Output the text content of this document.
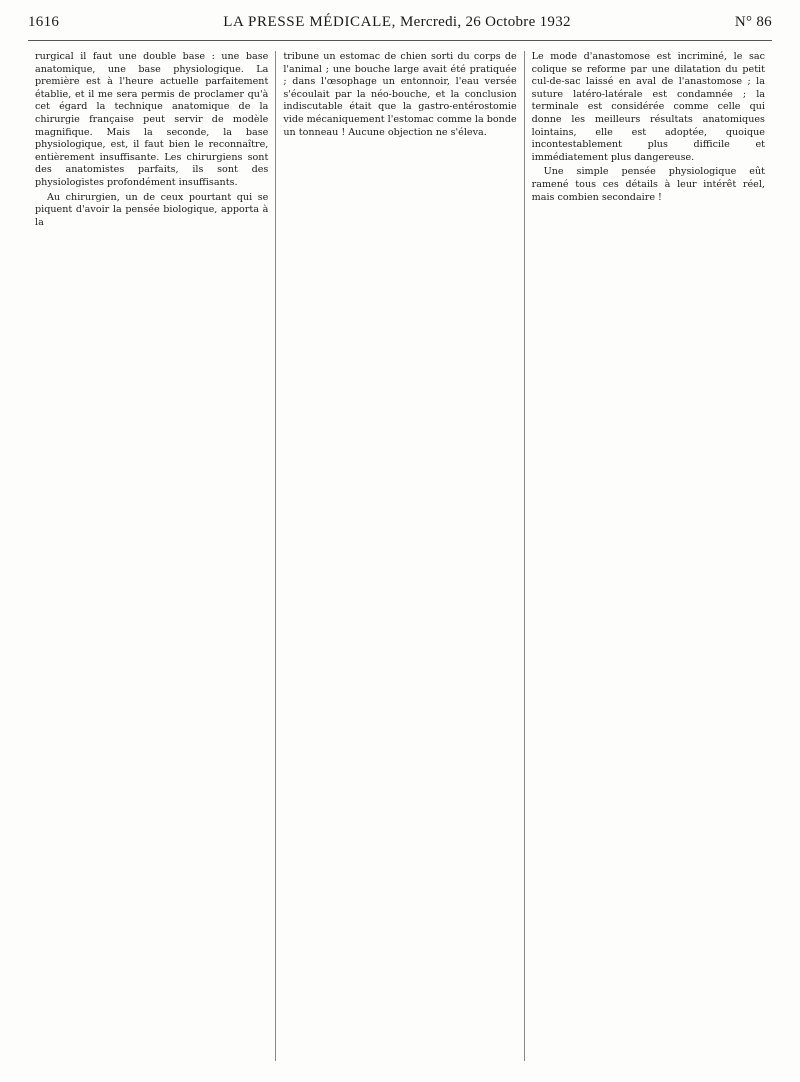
1616	LA PRESSE MÉDICALE, Mercredi, 26 Octobre 1932	N° 86

rurgical il faut une double base : une base anatomique, une base physiologique. La première est à l'heure actuelle parfaitement établie, et il me sera permis de proclamer qu'à cet égard la technique anatomique de la chirurgie française peut servir de modèle magnifique. Mais la seconde, la base physiologique, est, il faut bien le reconnaître, entièrement insuffisante. Les chirurgiens sont des anatomistes parfaits, ils sont des physiologistes profondément insuffisants.

Au chirurgien, un de ceux pourtant qui se piquent d'avoir la pensée biologique, apporta à la

tribune un estomac de chien sorti du corps de l'animal ; une bouche large avait été pratiquée ; dans l'œsophage un entonnoir, l'eau versée s'écoulait par la néo-bouche, et la conclusion indiscutable était que la gastro-entérostomie vide mécaniquement l'estomac comme la bonde un tonneau ! Aucune objection ne s'éleva.

Le mode d'anastomose est incriminé, le sac colique se reforme par une dilatation du petit cul-de-sac laissé en aval de l'anastomose ; la suture latéro-latérale est condamnée ; la terminale est considérée comme celle qui donne les meilleurs résultats anatomiques lointains, elle est adoptée, quoique incontestablement plus difficile et immédiatement plus dangereuse.

Une simple pensée physiologique eût ramené tous ces détails à leur intérêt réel, mais combien secondaire !
